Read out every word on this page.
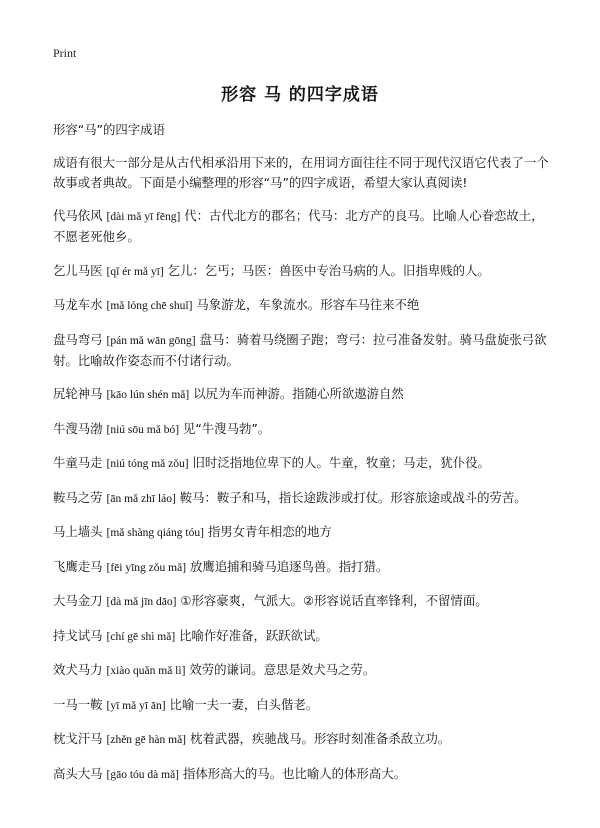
Print
形容 马 的四字成语

形容“马”的四字成语

成语有很大一部分是从古代相承沿用下来的，在用词方面往往不同于现代汉语它代表了一个故事或者典故。下面是小编整理的形容“马”的四字成语，希望大家认真阅读!

代马依风 [dài mǎ yī fēng] 代：古代北方的郡名；代马：北方产的良马。比喻人心眷恋故土，不愿老死他乡。

乞儿马医 [qǐ ér mǎ yī] 乞儿：乞丐；马医：兽医中专治马病的人。旧指卑贱的人。

马龙车水 [mǎ lóng chē shuǐ] 马象游龙，车象流水。形容车马往来不绝

盘马弯弓 [pán mǎ wān gōng] 盘马：骑着马绕圈子跑；弯弓：拉弓准备发射。骑马盘旋张弓欲射。比喻故作姿态而不付诸行动。

尻轮神马 [kāo lún shén mǎ] 以尻为车而神游。指随心所欲遨游自然

牛溲马渤 [niú sōu mǎ bó] 见“牛溲马勃”。

牛童马走 [niú tóng mǎ zǒu] 旧时泛指地位卑下的人。牛童，牧童；马走，犹仆役。

鞍马之劳 [ān mǎ zhī láo] 鞍马：鞍子和马，指长途跋涉或打仗。形容旅途或战斗的劳苦。

马上墙头 [mǎ shàng qiáng tóu] 指男女青年相恋的地方

飞鹰走马 [fēi yīng zǒu mǎ] 放鹰追捕和骑马追逐鸟兽。指打猎。

大马金刀 [dà mǎ jīn dāo] ①形容豪爽，气派大。②形容说话直率锋利，不留情面。

持戈试马 [chí gē shì mǎ] 比喻作好准备，跃跃欲试。

效犬马力 [xiào quǎn mǎ lì] 效劳的谦词。意思是效犬马之劳。

一马一鞍 [yī mǎ yī ān] 比喻一夫一妻，白头偕老。

枕戈汗马 [zhěn gē hàn mǎ] 枕着武器，疾驰战马。形容时刻准备杀敌立功。

高头大马 [gāo tóu dà mǎ] 指体形高大的马。也比喻人的体形高大。
